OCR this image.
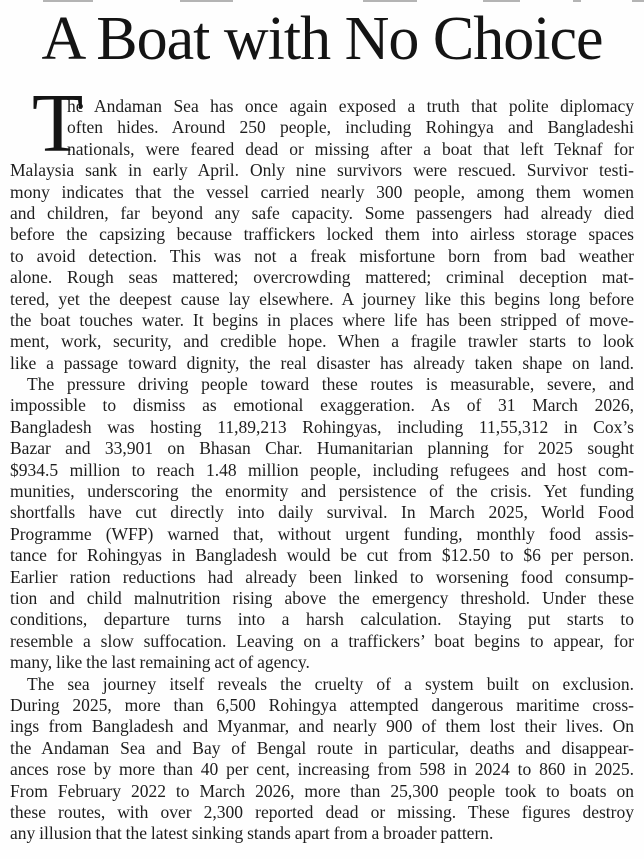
A Boat with No Choice
T
he Andaman Sea has once again exposed a truth that polite diplomacy
often hides. Around 250 people, including Rohingya and Bangladeshi
nationals, were feared dead or missing after a boat that left Teknaf for
Malaysia sank in early April. Only nine survivors were rescued. Survivor testi-
mony indicates that the vessel carried nearly 300 people, among them women
and children, far beyond any safe capacity. Some passengers had already died
before the capsizing because traffickers locked them into airless storage spaces
to avoid detection. This was not a freak misfortune born from bad weather
alone. Rough seas mattered; overcrowding mattered; criminal deception mat-
tered, yet the deepest cause lay elsewhere. A journey like this begins long before
the boat touches water. It begins in places where life has been stripped of move-
ment, work, security, and credible hope. When a fragile trawler starts to look
like a passage toward dignity, the real disaster has already taken shape on land.
The pressure driving people toward these routes is measurable, severe, and
impossible to dismiss as emotional exaggeration. As of 31 March 2026,
Bangladesh was hosting 11,89,213 Rohingyas, including 11,55,312 in Cox’s
Bazar and 33,901 on Bhasan Char. Humanitarian planning for 2025 sought
$934.5 million to reach 1.48 million people, including refugees and host com-
munities, underscoring the enormity and persistence of the crisis. Yet funding
shortfalls have cut directly into daily survival. In March 2025, World Food
Programme (WFP) warned that, without urgent funding, monthly food assis-
tance for Rohingyas in Bangladesh would be cut from $12.50 to $6 per person.
Earlier ration reductions had already been linked to worsening food consump-
tion and child malnutrition rising above the emergency threshold. Under these
conditions, departure turns into a harsh calculation. Staying put starts to
resemble a slow suffocation. Leaving on a traffickers’ boat begins to appear, for
many, like the last remaining act of agency.
The sea journey itself reveals the cruelty of a system built on exclusion.
During 2025, more than 6,500 Rohingya attempted dangerous maritime cross-
ings from Bangladesh and Myanmar, and nearly 900 of them lost their lives. On
the Andaman Sea and Bay of Bengal route in particular, deaths and disappear-
ances rose by more than 40 per cent, increasing from 598 in 2024 to 860 in 2025.
From February 2022 to March 2026, more than 25,300 people took to boats on
these routes, with over 2,300 reported dead or missing. These figures destroy
any illusion that the latest sinking stands apart from a broader pattern.
